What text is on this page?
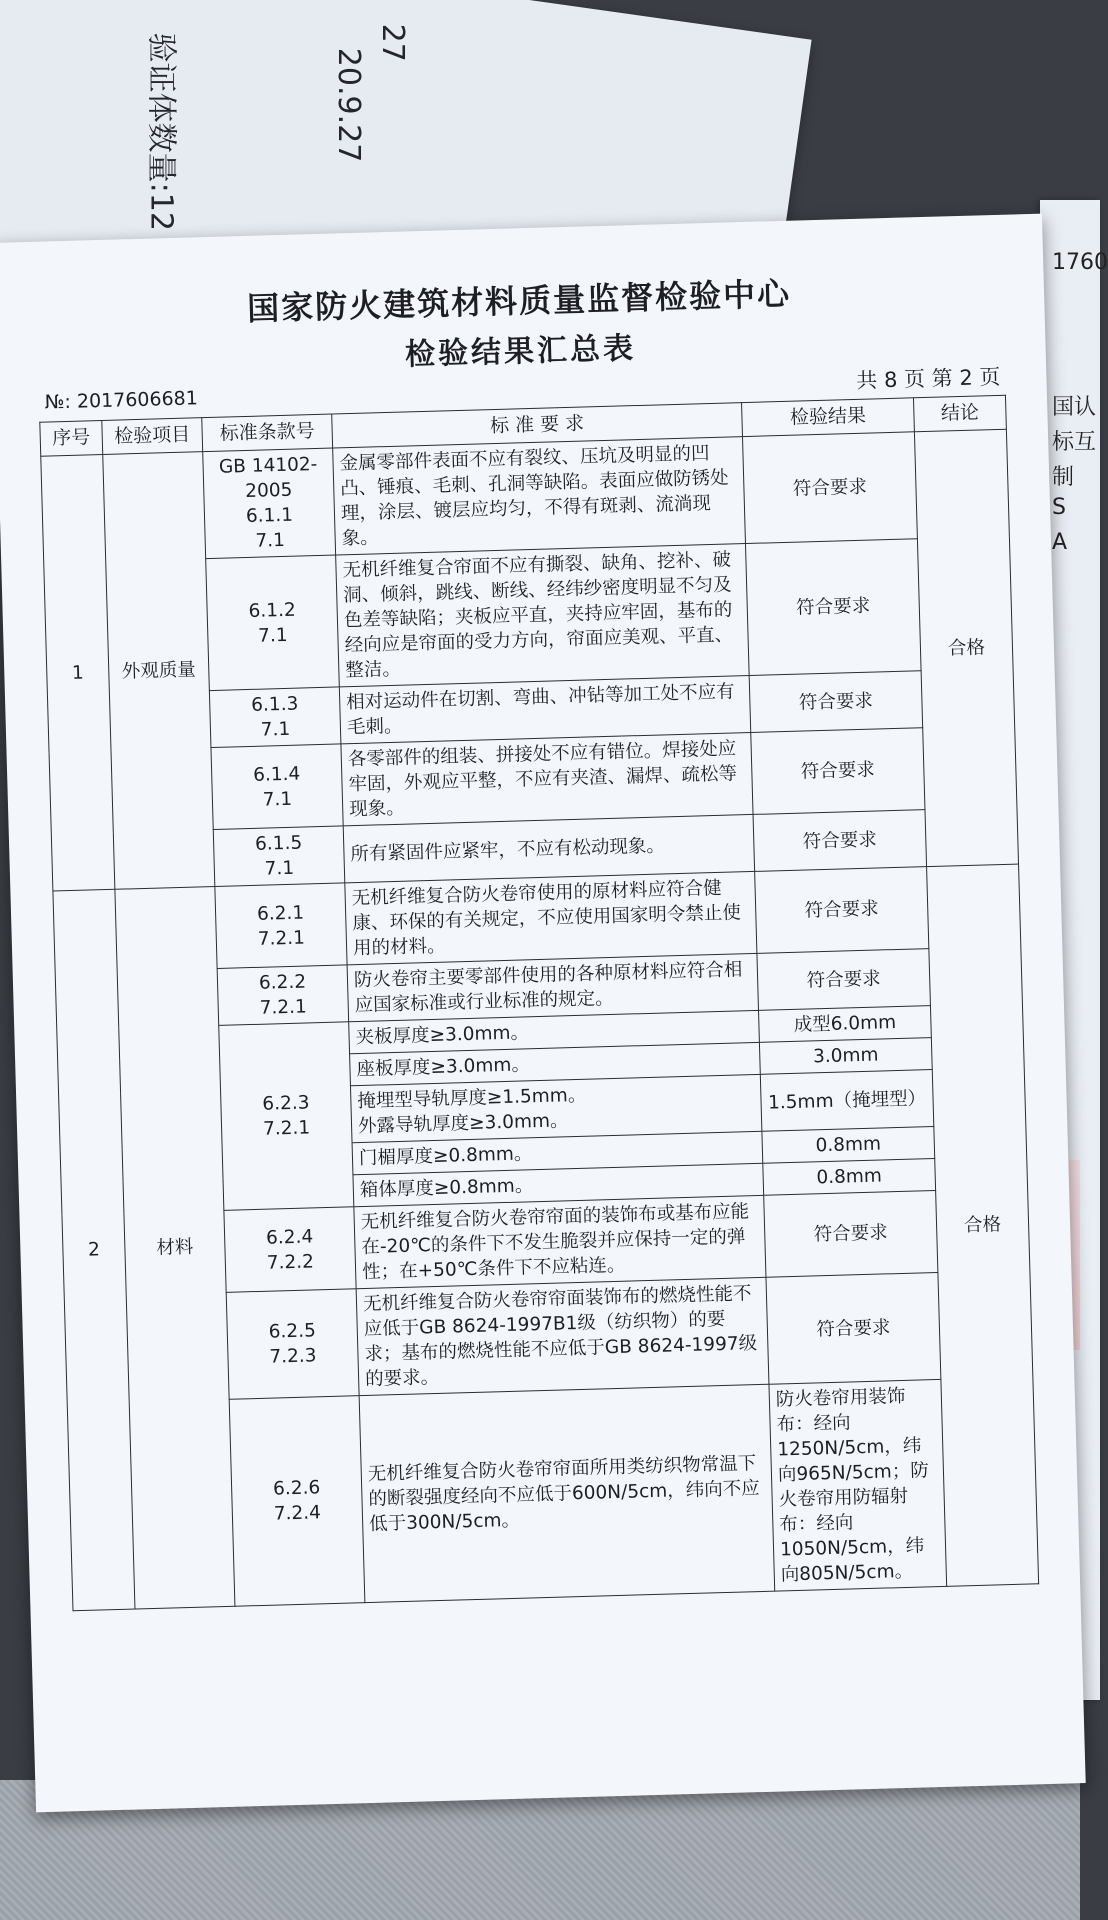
验证体数量:12	20.9.27
27
1760
国认
标互
制
S
A
国家防火建筑材料质量监督检验中心
检验结果汇总表
№: 2017606681
共 8 页 第 2 页
序号	检验项目	标准条款号	标 准 要 求	检验结果	结论
1	外观质量	GB 14102-
2005
6.1.1
7.1	金属零部件表面不应有裂纹、压坑及明显的凹凸、锤痕、毛刺、孔洞等缺陷。表面应做防锈处理，涂层、镀层应均匀，不得有斑剥、流淌现象。	符合要求	合格
		6.1.2
7.1	无机纤维复合帘面不应有撕裂、缺角、挖补、破洞、倾斜，跳线、断线、经纬纱密度明显不匀及色差等缺陷；夹板应平直，夹持应牢固，基布的经向应是帘面的受力方向，帘面应美观、平直、整洁。	符合要求	
		6.1.3
7.1	相对运动件在切割、弯曲、冲钻等加工处不应有毛刺。	符合要求	
		6.1.4
7.1	各零部件的组装、拼接处不应有错位。焊接处应牢固，外观应平整，不应有夹渣、漏焊、疏松等现象。	符合要求	
		6.1.5
7.1	所有紧固件应紧牢，不应有松动现象。	符合要求	
2	材料	6.2.1
7.2.1	无机纤维复合防火卷帘使用的原材料应符合健康、环保的有关规定，不应使用国家明令禁止使用的材料。	符合要求	合格
		6.2.2
7.2.1	防火卷帘主要零部件使用的各种原材料应符合相应国家标准或行业标准的规定。	符合要求	
		6.2.3
7.2.1	夹板厚度≥3.0mm。	成型6.0mm	
			座板厚度≥3.0mm。	3.0mm	
			掩埋型导轨厚度≥1.5mm。
外露导轨厚度≥3.0mm。	1.5mm（掩埋型）	
			门楣厚度≥0.8mm。	0.8mm	
			箱体厚度≥0.8mm。	0.8mm	
		6.2.4
7.2.2	无机纤维复合防火卷帘帘面的装饰布或基布应能在-20℃的条件下不发生脆裂并应保持一定的弹性；在+50℃条件下不应粘连。	符合要求	
		6.2.5
7.2.3	无机纤维复合防火卷帘帘面装饰布的燃烧性能不应低于GB 8624-1997B1级（纺织物）的要求；基布的燃烧性能不应低于GB 8624-1997级的要求。	符合要求	
		6.2.6
7.2.4	无机纤维复合防火卷帘帘面所用类纺织物常温下的断裂强度经向不应低于600N/5cm，纬向不应低于300N/5cm。	防火卷帘用装饰布：经向1250N/5cm，纬向965N/5cm；防火卷帘用防辐射布：经向1050N/5cm，纬向805N/5cm。	
